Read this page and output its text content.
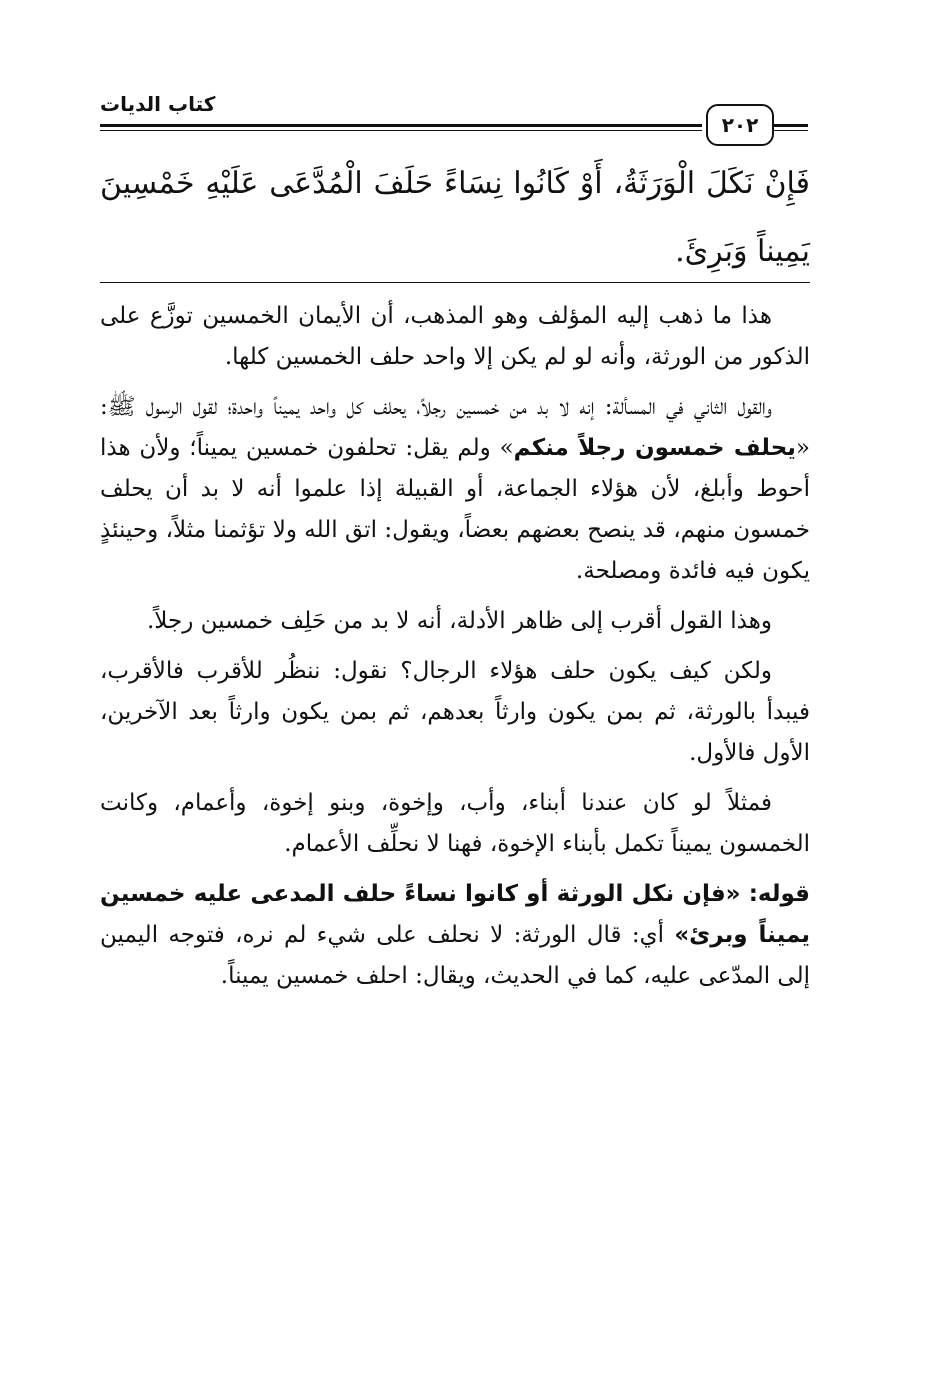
كتاب الديات
٢٠٢
فَإِنْ نَكَلَ الْوَرَثَةُ، أَوْ كَانُوا نِسَاءً حَلَفَ الْمُدَّعَى عَلَيْهِ خَمْسِينَ يَمِيناً وَبَرِئَ.

هذا ما ذهب إليه المؤلف وهو المذهب، أن الأيمان الخمسين توزَّع على الذكور من الورثة، وأنه لو لم يكن إلا واحد حلف الخمسين كلها.

والقول الثاني في المسألة: إنه لا بد من خمسين رجلاً، يحلف كل واحد يميناً واحدة؛ لقول الرسول ﷺ: «يحلف خمسون رجلاً منكم» ولم يقل: تحلفون خمسين يميناً؛ ولأن هذا أحوط وأبلغ، لأن هؤلاء الجماعة، أو القبيلة إذا علموا أنه لا بد أن يحلف خمسون منهم، قد ينصح بعضهم بعضاً، ويقول: اتق الله ولا تؤثمنا مثلاً، وحينئذٍ يكون فيه فائدة ومصلحة.

وهذا القول أقرب إلى ظاهر الأدلة، أنه لا بد من حَلِف خمسين رجلاً.

ولكن كيف يكون حلف هؤلاء الرجال؟ نقول: ننظُر للأقرب فالأقرب، فيبدأ بالورثة، ثم بمن يكون وارثاً بعدهم، ثم بمن يكون وارثاً بعد الآخرين، الأول فالأول.

فمثلاً لو كان عندنا أبناء، وأب، وإخوة، وبنو إخوة، وأعمام، وكانت الخمسون يميناً تكمل بأبناء الإخوة، فهنا لا نحلِّف الأعمام.

قوله: «فإن نكل الورثة أو كانوا نساءً حلف المدعى عليه خمسين يميناً وبرئ» أي: قال الورثة: لا نحلف على شيء لم نره، فتوجه اليمين إلى المدّعى عليه، كما في الحديث، ويقال: احلف خمسين يميناً.
